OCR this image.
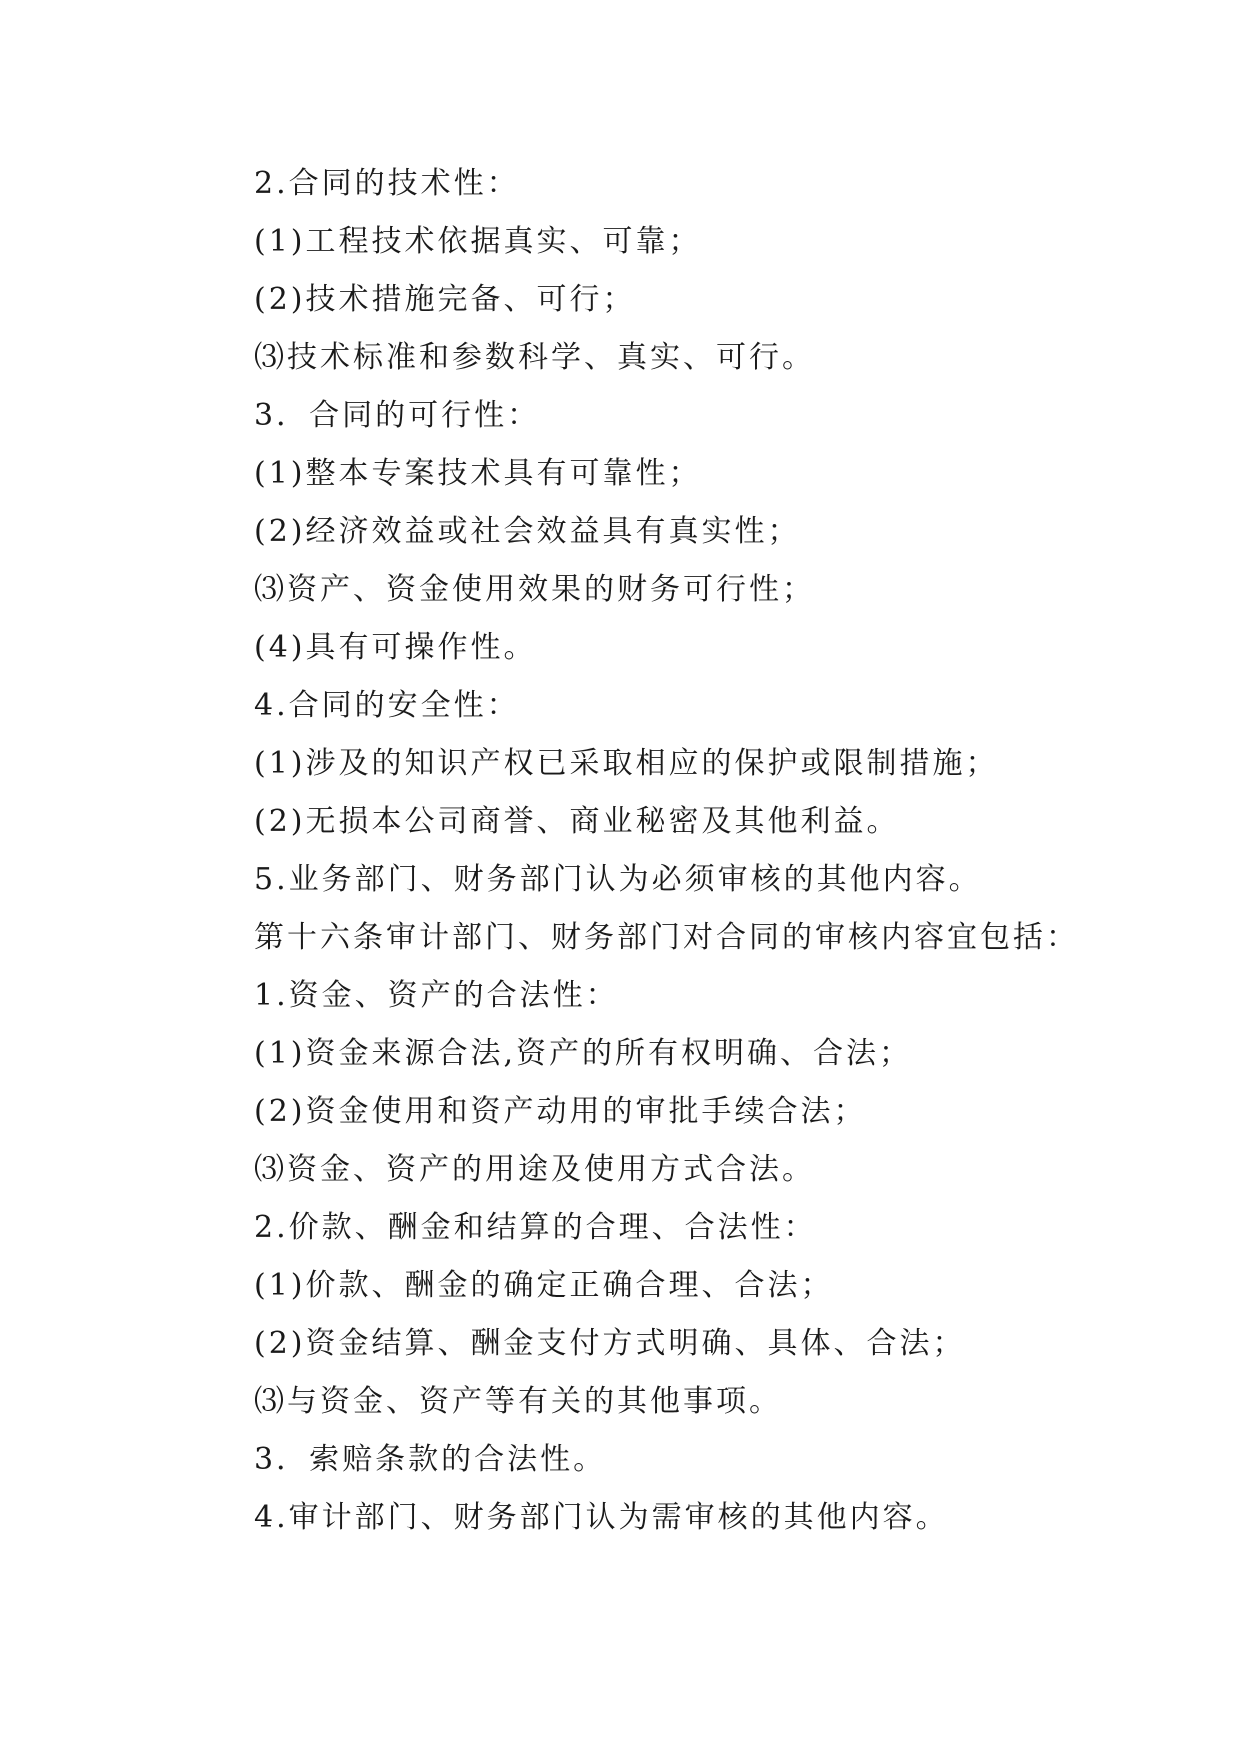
2.合同的技术性：
(1)工程技术依据真实、可靠；
(2)技术措施完备、可行；
⑶技术标准和参数科学、真实、可行。
3．合同的可行性：
(1)整本专案技术具有可靠性；
(2)经济效益或社会效益具有真实性；
⑶资产、资金使用效果的财务可行性；
(4)具有可操作性。
4.合同的安全性：
(1)涉及的知识产权已采取相应的保护或限制措施；
(2)无损本公司商誉、商业秘密及其他利益。
5.业务部门、财务部门认为必须审核的其他内容。
第十六条审计部门、财务部门对合同的审核内容宜包括：
1.资金、资产的合法性：
(1)资金来源合法,资产的所有权明确、合法；
(2)资金使用和资产动用的审批手续合法；
⑶资金、资产的用途及使用方式合法。
2.价款、酬金和结算的合理、合法性：
(1)价款、酬金的确定正确合理、合法；
(2)资金结算、酬金支付方式明确、具体、合法；
⑶与资金、资产等有关的其他事项。
3．索赔条款的合法性。
4.审计部门、财务部门认为需审核的其他内容。
